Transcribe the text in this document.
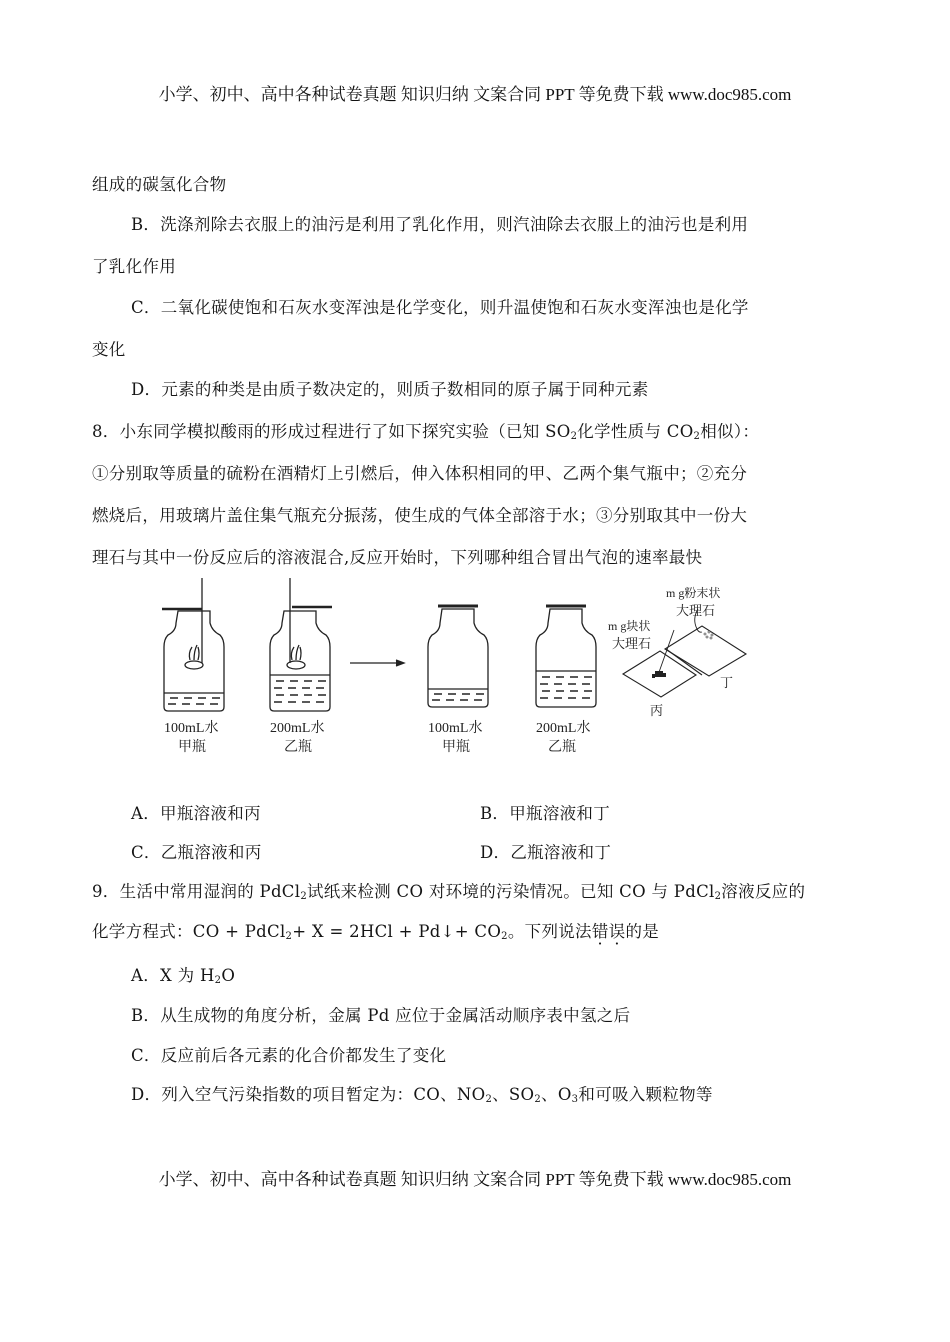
小学、初中、高中各种试卷真题 知识归纳 文案合同 PPT 等免费下载 www.doc985.com
组成的碳氢化合物
B．洗涤剂除去衣服上的油污是利用了乳化作用，则汽油除去衣服上的油污也是利用
了乳化作用
C．二氧化碳使饱和石灰水变浑浊是化学变化，则升温使饱和石灰水变浑浊也是化学
变化
D．元素的种类是由质子数决定的，则质子数相同的原子属于同种元素
8．小东同学模拟酸雨的形成过程进行了如下探究实验（已知 $SO_2$化学性质与 $CO_2$相似）：
①分别取等质量的硫粉在酒精灯上引燃后，伸入体积相同的甲、乙两个集气瓶中；②充分
燃烧后，用玻璃片盖住集气瓶充分振荡，使生成的气体全部溶于水；③分别取其中一份大
理石与其中一份反应后的溶液混合,反应开始时，下列哪种组合冒出气泡的速率最快
100mL水
甲瓶
200mL水
乙瓶
100mL水
甲瓶
200mL水
乙瓶
m g块状
大理石
丙
m g粉末状
大理石
丁
A．甲瓶溶液和丙	B．甲瓶溶液和丁
C．乙瓶溶液和丙	D．乙瓶溶液和丁
9．生活中常用湿润的 PdCl$_2$试纸来检测 CO 对环境的污染情况。已知 CO 与 PdCl$_2$溶液反应的
化学方程式：CO + PdCl$_2$+ X = 2HCl + Pd↓+ $CO_2$。下列说法错误的是
A．X 为 $H_2O$
B．从生成物的角度分析，金属 Pd 应位于金属活动顺序表中氢之后
C．反应前后各元素的化合价都发生了变化
D．列入空气污染指数的项目暂定为：CO、$NO_2$、$SO_2$、$O_3$和可吸入颗粒物等
小学、初中、高中各种试卷真题 知识归纳 文案合同 PPT 等免费下载 www.doc985.com
